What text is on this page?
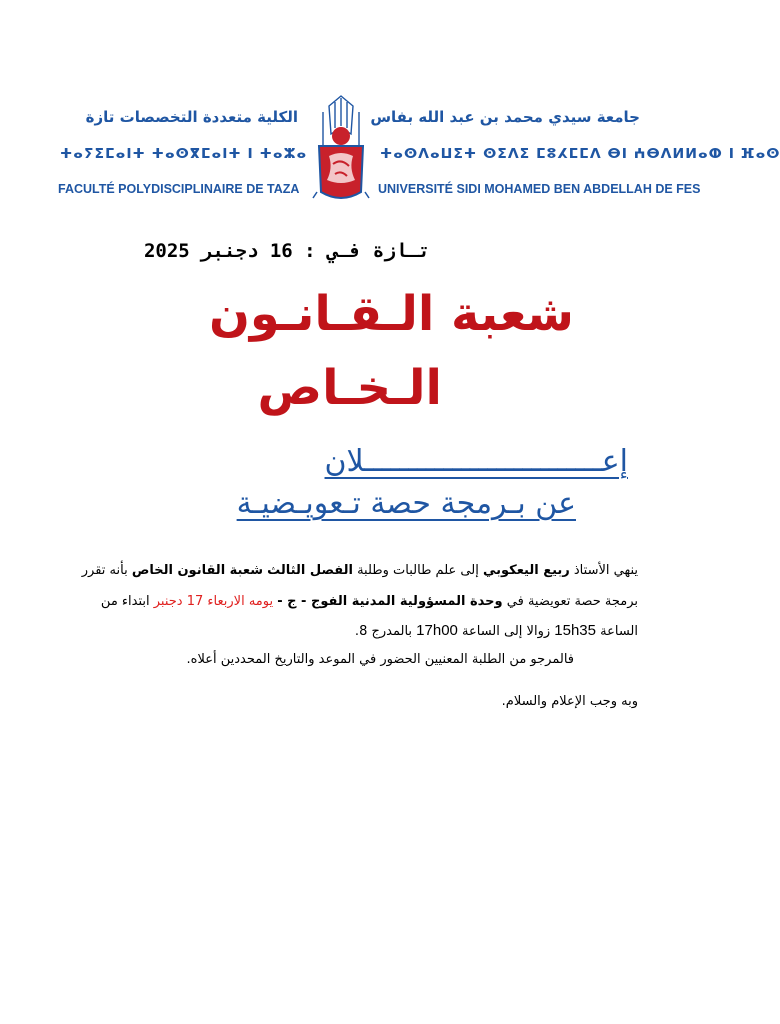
الكلية متعددة التخصصات تازة
ⵜⴰⵢⵉⵎⴰⵏⵜ ⵜⴰⵙⴳⵎⴰⵏⵜ ⵏ ⵜⴰⵣⴰ
FACULTÉ POLYDISCIPLINAIRE DE TAZA
جامعة سيدي محمد بن عبد الله بفاس
ⵜⴰⵙⴷⴰⵡⵉⵜ ⵙⵉⴷⵉ ⵎⵓⵃⵎⵎⴷ ⴱⵏ ⵄⴱⴷⵍⵍⴰⵀ ⵏ ⴼⴰⵙ
UNIVERSITÉ SIDI MOHAMED BEN ABDELLAH DE FES
تـازة فـي : 16 دجنبر 2025
شعبة الـقـانـون
الـخـاص
إعـــــــــــــــــــــــــــلان
عن بـرمجة حصة تـعويـضيـة
ينهي الأستاذ ربيع اليعكوبي إلى علم طالبات وطلبة الفصل الثالث شعبة القانون الخاص بأنه تقرر
برمجة حصة تعويضية في وحدة المسؤولية المدنية الفوج - ج - يومه الاربعاء 17 دجنبر ابتداء من
الساعة 15h35 زوالا إلى الساعة 17h00 بالمدرج 8.
فالمرجو من الطلبة المعنيين الحضور في الموعد والتاريخ المحددين أعلاه.
وبه وجب الإعلام والسلام.
